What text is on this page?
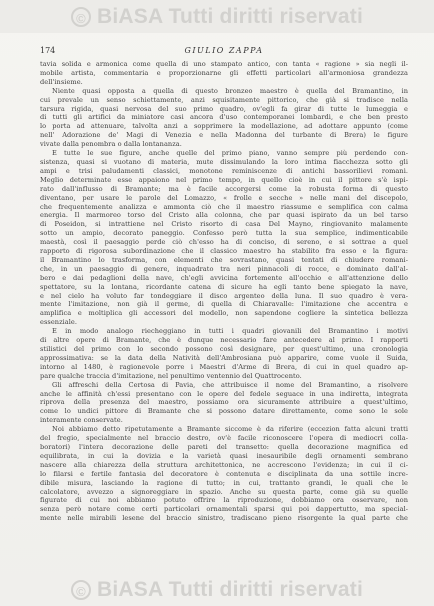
© BiASA Tutti diritti riservati
174	GIULIO ZAPPA
tavia solida e armonica come quella di uno stampato antico, con tanta « ragione » sia negli il-
mobile artista, commentaria e proporzionarne gli effetti particolari all'armoniosa grandezza
dell'insieme.
Niente quasi opposta a quella di questo bronzeo maestro è quella del Bramantino, in
cui prevale un senso schiettamente, anzi squisitamente pittorico, che già si tradisce nella
tarsura rigida, quasi nervosa del suo primo quadro, ov'egli fa girar di tutte le lumeggia e
di tutti gli artifici da miniatore casi ancora d'uso contemporanei lombardi, e che ben presto
lo porta ad attenuare, talvolta anzi a sopprimere la modellazione, ad adottare appunto (come
nell' Adorazione de' Magi di Venezia e nella Madonna del turbante di Brera) le figure
vivate dalla penombra o dalla lontananza.
E tutte le sue figure, anche quelle del primo piano, vanno sempre più perdendo con-
sistenza, quasi si vuotano di materia, mute dissimulando la loro intima fiacchezza sotto gli
ampi e trisi paludamenti classici, monotone reminiscenze di antichi bassorilievi romani.
Meglio determinate esse appaiono nel primo tempo, in quello cioè in cui il pittore s'è ispi-
rato dall'influsso di Bramante; ma è facile accorgersi come la robusta forma di questo
diventano, per usare le parole del Lomazzo, « frolle e secche » nelle mani del discepolo,
che frequentemente analizza e ammonta ciò che il maestro riassume e semplifica con calma
energia. Il marmoreo torso del Cristo alla colonna, che par quasi ispirato da un bel tarso
di Poseidon, si intrattiene nel Cristo risorto di casa Del Mayno, ringiovanito malamente
sotto un ampio, decorato paneggio. Confesso però tutta la sua semplice, indimenticabile
maestà, così il paesaggio perde ciò ch'esso ha di conciso, di sereno, e si sottrae a quel
rapporto di rigorosa subordinazione che il classico maestro ha stabilito fra esso e la figura:
il Bramantino lo trasforma, con elementi che sovrastano, quasi tentati di chiudere romani-
che, in un paesaggio di genere, inquadrato tra neri pinnacoli di rocce, e dominato dall'al-
bero e dai pedaglioni della nave, ch'egli avvicina fortemente all'occhio e all'attenzione dello
spettatore, su la lontana, ricordante catena di sicure ha egli tanto bene spiegato la nave,
e nel cielo ha voluto far tondeggiare il disco argenteo della luna. Il suo quadro è vera-
mente l'imitazione, non già il germe, di quella di Chiaravalle: l'imitazione che accentra e
amplifica e moltiplica gli accessori del modello, non sapendone cogliere la sintetica bellezza
essenziale.
E in modo analogo riecheggiano in tutti i quadri giovanili del Bramantino i motivi
di altre opere di Bramante, che è dunque necessario fare antecedere al primo. I rapporti
stilistici del primo con lo secondo possono così designare, per quest'ultimo, una cronologia
approssimativa: se la data della Natività dell'Ambrosiana può apparire, come vuole il Suida,
intorno al 1480, è ragionevole porre i Maestri d'Arme di Brera, di cui in quel quadro ap-
pare qualche traccia d'imitazione, nel penultimo ventennio del Quattrocento.
Gli affreschi della Certosa di Pavia, che attribuisce il nome del Bramantino, a risolvere
anche le affinità ch'essi presentano con le opere del fedele seguace in una indiretta, integrata
riprova della presenza del maestro, possiamo ora sicuramente attribuire a quest'ultimo,
come lo undici pittore di Bramante che si possono datare direttamente, come sono le sole
interamente conservate.
Noi abbiamo detto ripetutamente a Bramante siccome è da riferire (eccezion fatta alcuni tratti
del fregio, specialmente nel braccio destro, ov'è facile riconoscere l'opera di mediocri colla-
boratori) l'intera decorazione delle pareti del transetto: quella decorazione magnifica ed
equilibrata, in cui la dovizia e la varietà quasi inesauribile degli ornamenti sembrano
nascere alla chiarezza della struttura architettonica, ne accrescono l'evidenza; in cui il ci-
lo filarsi e fertile fantasia del decoratore è contenuta e disciplinata da una sottile incre-
dibile misura, lasciando la ragione di tutto; in cui, trattanto grandi, le quali che le
calcolatore, avvezzo a signoreggiare in spazio. Anche su questa parte, come già su quelle
figurate di cui noi abbiamo potuto offrire la riproduzione, dobbiamo ora osservare, non
senza però notare come certi particolari ornamentali sparsi qui poi dappertutto, ma special-
mente nelle mirabili lesene del braccio sinistro, tradiscano pieno risorgente la qual parte che
© BiASA Tutti diritti riservati
